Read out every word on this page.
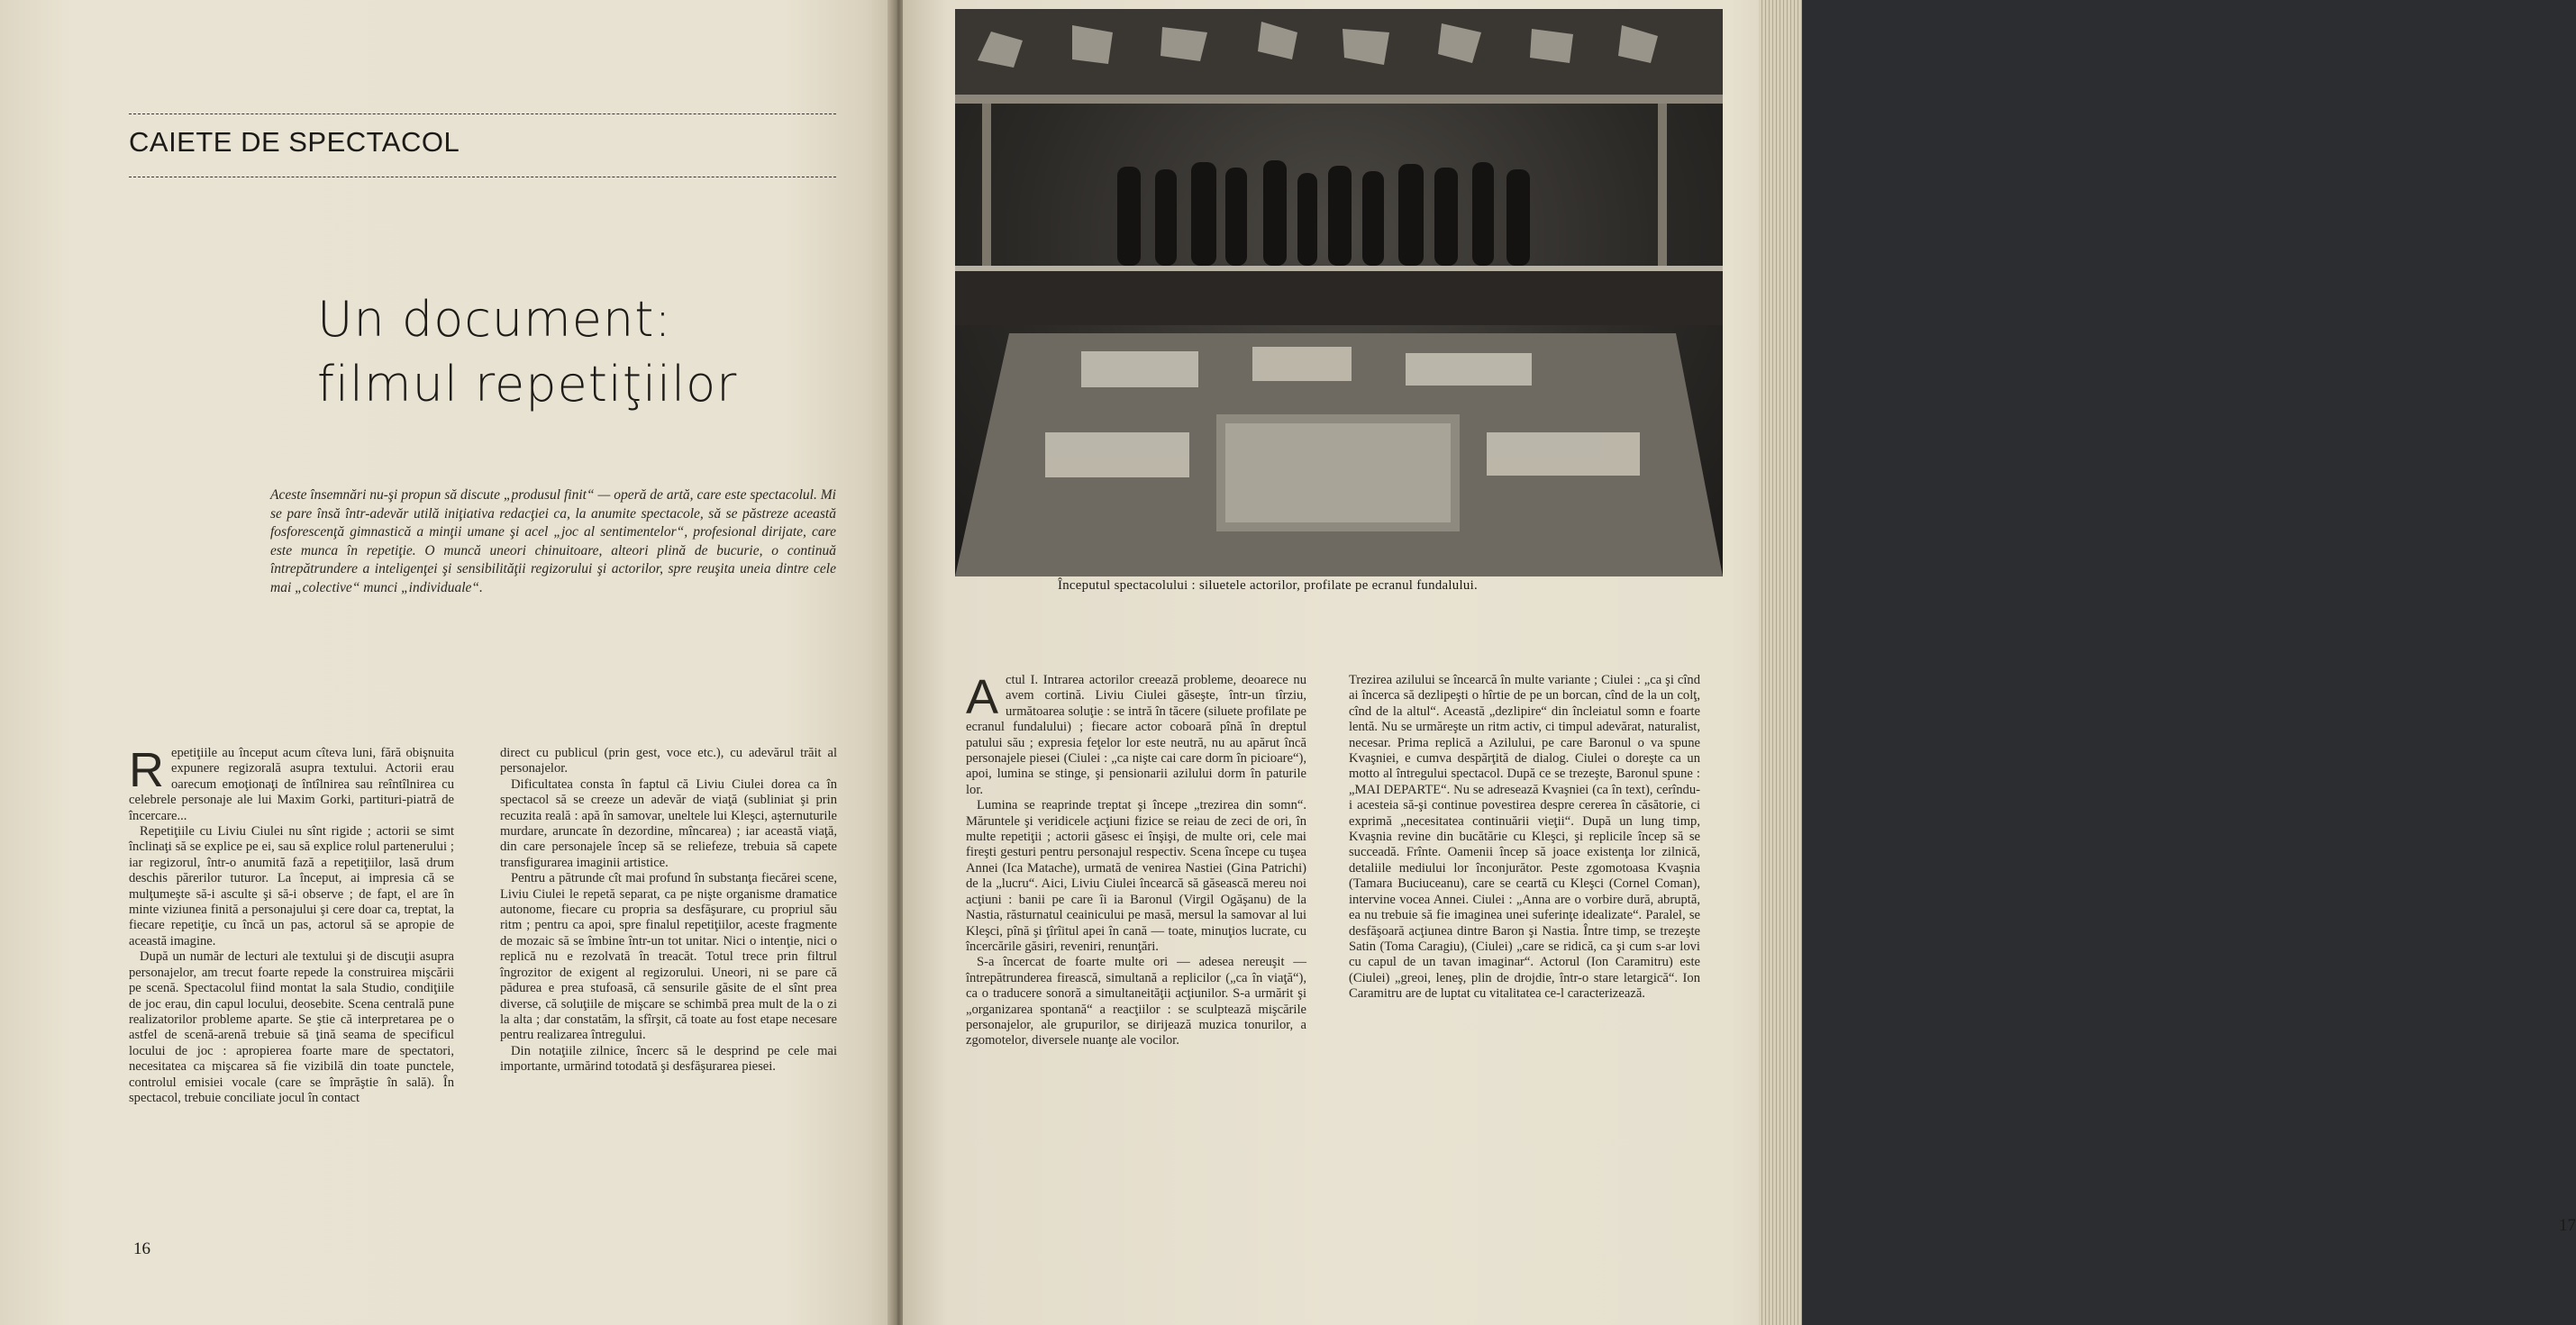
CAIETE DE SPECTACOL
Un document:
filmul repetiţiilor
Aceste însemnări nu-şi propun să discute „produsul finit“ — operă de artă, care este spectacolul. Mi se pare însă într-adevăr utilă iniţiativa redacţiei ca, la anumite spectacole, să se păstreze această fosforescenţă gimnastică a minţii umane şi acel „joc al sentimentelor“, profesional dirijate, care este munca în repetiţie. O muncă uneori chinuitoare, alteori plină de bucurie, o continuă întrepătrundere a inteligenţei şi sensibilităţii regizorului şi actorilor, spre reuşita uneia dintre cele mai „colective“ munci „individuale“.

Repetiţiile au început acum cîteva luni, fără obişnuita expunere regizorală asupra textului. Actorii erau oarecum emoţionaţi de întîlnirea sau reîntîlnirea cu celebrele personaje ale lui Maxim Gorki, partituri-piatră de încercare...

Repetiţiile cu Liviu Ciulei nu sînt rigide ; actorii se simt înclinaţi să se explice pe ei, sau să explice rolul partenerului ; iar regizorul, într-o anumită fază a repetiţiilor, lasă drum deschis părerilor tuturor. La început, ai impresia că se mulţumeşte să-i asculte şi să-i observe ; de fapt, el are în minte viziunea finită a personajului şi cere doar ca, treptat, la fiecare repetiţie, cu încă un pas, actorul să se apropie de această imagine.

După un număr de lecturi ale textului şi de discuţii asupra personajelor, am trecut foarte repede la construirea mişcării pe scenă. Spectacolul fiind montat la sala Studio, condiţiile de joc erau, din capul locului, deosebite. Scena centrală pune realizatorilor probleme aparte. Se ştie că interpretarea pe o astfel de scenă-arenă trebuie să ţină seama de specificul locului de joc : apropierea foarte mare de spectatori, necesitatea ca mişcarea să fie vizibilă din toate punctele, controlul emisiei vocale (care se împrăştie în sală). În spectacol, trebuie conciliate jocul în contact

direct cu publicul (prin gest, voce etc.), cu adevărul trăit al personajelor.

Dificultatea consta în faptul că Liviu Ciulei dorea ca în spectacol să se creeze un adevăr de viaţă (subliniat şi prin recuzita reală : apă în samovar, uneltele lui Kleşci, aşternuturile murdare, aruncate în dezordine, mîncarea) ; iar această viaţă, din care personajele încep să se reliefeze, trebuia să capete transfigurarea imaginii artistice.

Pentru a pătrunde cît mai profund în substanţa fiecărei scene, Liviu Ciulei le repetă separat, ca pe nişte organisme dramatice autonome, fiecare cu propria sa desfăşurare, cu propriul său ritm ; pentru ca apoi, spre finalul repetiţiilor, aceste fragmente de mozaic să se îmbine într-un tot unitar. Nici o intenţie, nici o replică nu e rezolvată în treacăt. Totul trece prin filtrul îngrozitor de exigent al regizorului. Uneori, ni se pare că pădurea e prea stufoasă, că sensurile găsite de el sînt prea diverse, că soluţiile de mişcare se schimbă prea mult de la o zi la alta ; dar constatăm, la sfîrşit, că toate au fost etape necesare pentru realizarea întregului.

Din notaţiile zilnice, încerc să le desprind pe cele mai importante, urmărind totodată şi desfăşurarea piesei.

16
Începutul spectacolului : siluetele actorilor, profilate pe ecranul fundalului.

Actul I. Intrarea actorilor creează probleme, deoarece nu avem cortină. Liviu Ciulei găseşte, într-un tîrziu, următoarea soluţie : se intră în tăcere (siluete profilate pe ecranul fundalului) ; fiecare actor coboară pînă în dreptul patului său ; expresia feţelor lor este neutră, nu au apărut încă personajele piesei (Ciulei : „ca nişte cai care dorm în picioare“), apoi, lumina se stinge, şi pensionarii azilului dorm în paturile lor.

Lumina se reaprinde treptat şi începe „trezirea din somn“. Măruntele şi veridicele acţiuni fizice se reiau de zeci de ori, în multe repetiţii ; actorii găsesc ei înşişi, de multe ori, cele mai fireşti gesturi pentru personajul respectiv. Scena începe cu tuşea Annei (Ica Matache), urmată de venirea Nastiei (Gina Patrichi) de la „lucru“. Aici, Liviu Ciulei încearcă să găsească mereu noi acţiuni : banii pe care îi ia Baronul (Virgil Ogăşanu) de la Nastia, răsturnatul ceainicului pe masă, mersul la samovar al lui Kleşci, pînă şi ţîrîitul apei în cană — toate, minuţios lucrate, cu încercările găsiri, reveniri, renunţări.

S-a încercat de foarte multe ori — adesea nereuşit — întrepătrunderea firească, simultană a replicilor („ca în viaţă“), ca o traducere sonoră a simultaneităţii acţiunilor. S-a urmărit şi „organizarea spontană“ a reacţiilor : se sculptează mişcările personajelor, ale grupurilor, se dirijează muzica tonurilor, a zgomotelor, diversele nuanţe ale vocilor.

Trezirea azilului se încearcă în multe variante ; Ciulei : „ca şi cînd ai încerca să dezlipeşti o hîrtie de pe un borcan, cînd de la un colţ, cînd de la altul“. Această „dezlipire“ din încleiatul somn e foarte lentă. Nu se urmăreşte un ritm activ, ci timpul adevărat, naturalist, necesar. Prima replică a Azilului, pe care Baronul o va spune Kvaşniei, e cumva despărţită de dialog. Ciulei o doreşte ca un motto al întregului spectacol. După ce se trezeşte, Baronul spune : „MAI DEPARTE“. Nu se adresează Kvaşniei (ca în text), cerîndu-i acesteia să-şi continue povestirea despre cererea în căsătorie, ci exprimă „necesitatea continuării vieţii“. După un lung timp, Kvaşnia revine din bucătărie cu Kleşci, şi replicile încep să se succeadă. Frînte. Oamenii încep să joace existenţa lor zilnică, detaliile mediului lor înconjurător. Peste zgomotoasa Kvaşnia (Tamara Buciuceanu), care se ceartă cu Kleşci (Cornel Coman), intervine vocea Annei. Ciulei : „Anna are o vorbire dură, abruptă, ea nu trebuie să fie imaginea unei suferinţe idealizate“. Paralel, se desfăşoară acţiunea dintre Baron şi Nastia. Între timp, se trezeşte Satin (Toma Caragiu), (Ciulei) „care se ridică, ca şi cum s-ar lovi cu capul de un tavan imaginar“. Actorul (Ion Caramitru) este (Ciulei) „greoi, leneş, plin de drojdie, într-o stare letargică“. Ion Caramitru are de luptat cu vitalitatea ce-l caracterizează.

17
